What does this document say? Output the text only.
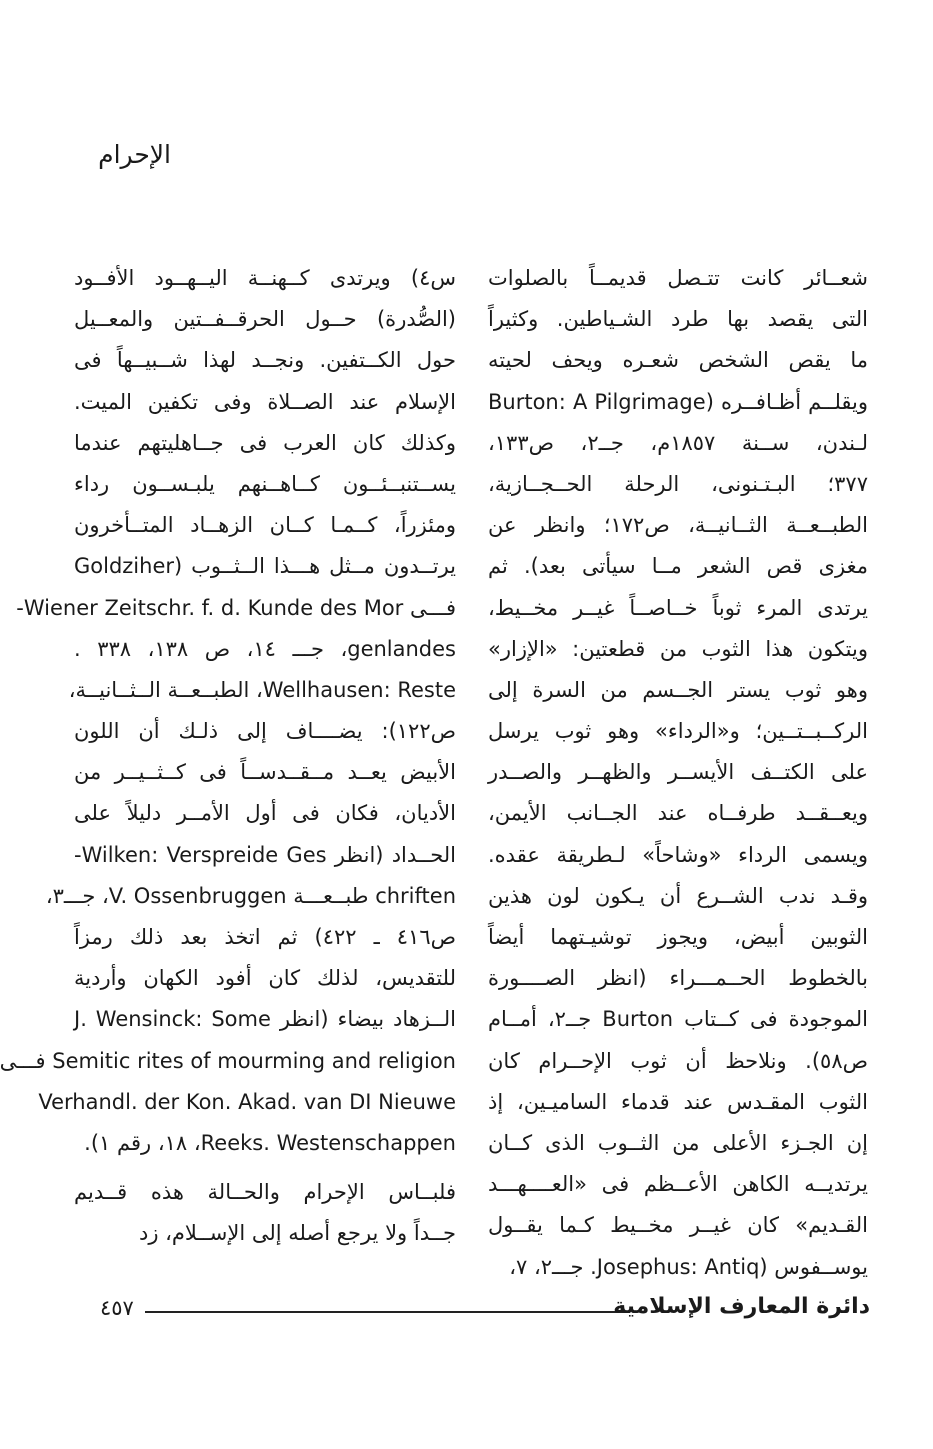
الإحرام
شعــائر كانت تتـصل قديمــاً بالصلوات
التى يقصد بها طرد الشـياطين. وكثيراً
ما يقص الشخص شعـره ويحف لحيته
ويقلــم أظـافــره (Burton: A Pilgrimage
لـندن، ســنة ١٨٥٧م، جــ٢، ص١٣٣،
٣٧٧؛ البـتـنونى، الرحلة الحــجــازية،
الطبــعــة الثــانيــة، ص١٧٢؛ وانظر عن
مغزى قص الشعر مــا سيأتى بعد). ثم
يرتدى المرء ثوباً خــاصــاً غيــر مخــيط،
ويتكون هذا الثوب من قطعتين: «الإزار»
وهو ثوب يستر الجــسم من السرة إلى
الركــبــتــين؛ و«الرداء» وهو ثوب يرسل
على الكتــف الأيســر والظهــر والصــدر
ويعــقــد طرفــاه عند الجــانب الأيمن،
ويسمى الرداء «وشاحاً» لـطريقة عقده.
وقـد ندب الشــرع أن يـكون لون هذين
الثوبين أبيض، ويجوز توشيـتهما أيضاً
بالخطوط الحــمـــراء (انظر الصــــورة
الموجودة فى كــتاب Burton جــ٢، أمــام
ص٥٨). ونلاحظ أن ثوب الإحــرام كان
الثوب المقـدس عند قدماء الساميـين، إذ
إن الجـزء الأعلى من الثــوب الذى كــان
يرتديــه الكاهن الأعــظم فى «العــــهـــد
القـديم» كان غيــر مخــيط كـما يقــول
يوســفوس (Josephus: Antiq. جـــ٢، ٧،
س٤) ويرتدى كــهنــة اليــهــود الأفــود
(الصُّدرة) حــول الحرقــفــتين والمعــيل
حول الكــتفين. ونجــد لهذا شــبيــهاً فى
الإسلام عند الصــلاة وفى تكفين الميت.
وكذلك كان العرب فى جــاهليتهم عندما
يســتنبــئــون كــاهــنهم يلبـســون رداء
ومئزراً، كــمـا كــان الزهــاد المتــأخرون
يرتــدون مــثل هـــذا الــثــوب (Goldziher
فـــى Wiener Zeitschr. f. d. Kunde des Mor-
genlandes، جـــ ١٤، ص ١٣٨، ٣٣٨ .
Wellhausen: Reste، الطبــعــة الــثــانيــة،
ص١٢٢): يضــــاف إلى ذلـك أن اللون
الأبيض يعــد مــقــدســاً فى كــثــيــر من
الأديان، فكان فى أول الأمــر دليلاً على
الحــداد (انظر Wilken: Verspreide Ges-
chriften طبــعـــة V. Ossenbruggen، جـــ٣،
ص٤١٦ ـ ٤٢٢) ثم اتخذ بعد ذلك رمزاً
للتقديس، لذلك كان أفود الكهان وأردية
الــزهاد بيضاء (انظر J. Wensinck: Some
Semitic rites of mourming and religion فـــى
Verhandl. der Kon. Akad. van DI Nieuwe
Reeks. Westenschappen، ١٨، رقم ١).
فلبــاس الإحرام والحــالة هذه قــديم
جــداً ولا يرجع أصله إلى الإســلام، زد
٤٥٧	دائرة المعارف الإسلامية
